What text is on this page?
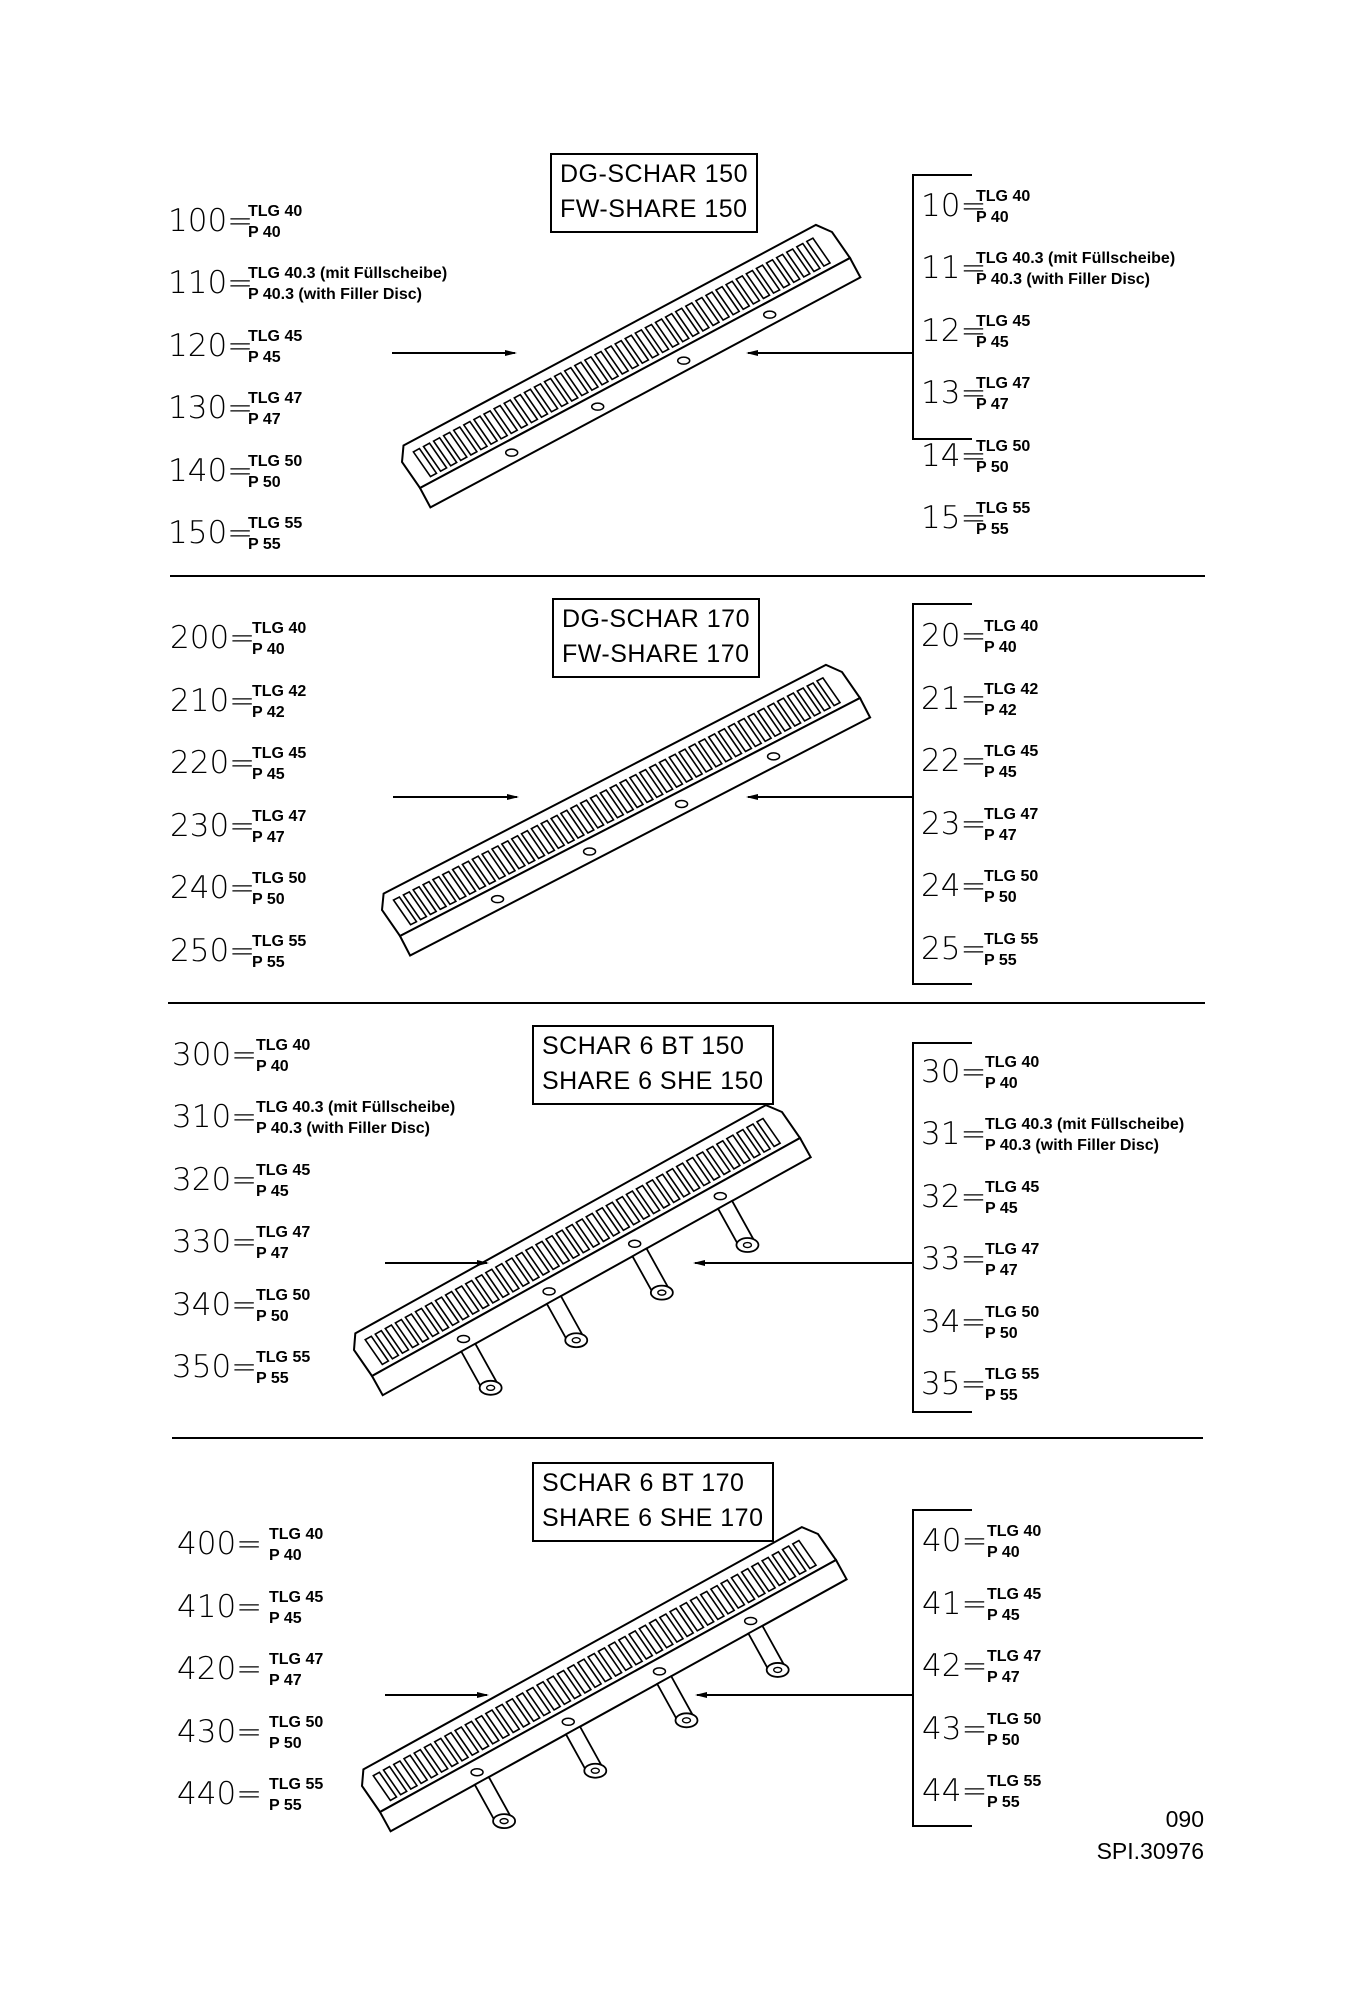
DG-SCHAR 150
FW-SHARE 150
100=
TLG 40
P 40
110=
TLG 40.3 (mit Füllscheibe)
P 40.3 (with Filler Disc)
120=
TLG 45
P 45
130=
TLG 47
P 47
140=
TLG 50
P 50
150=
TLG 55
P 55
10=
TLG 40
P 40
11=
TLG 40.3 (mit Füllscheibe)
P 40.3 (with Filler Disc)
12=
TLG 45
P 45
13=
TLG 47
P 47
14=
TLG 50
P 50
15=
TLG 55
P 55
DG-SCHAR 170
FW-SHARE 170
200=
TLG 40
P 40
210=
TLG 42
P 42
220=
TLG 45
P 45
230=
TLG 47
P 47
240=
TLG 50
P 50
250=
TLG 55
P 55
20=
TLG 40
P 40
21=
TLG 42
P 42
22=
TLG 45
P 45
23=
TLG 47
P 47
24=
TLG 50
P 50
25=
TLG 55
P 55
SCHAR 6 BT 150
SHARE 6 SHE 150
300=
TLG 40
P 40
310=
TLG 40.3 (mit Füllscheibe)
P 40.3 (with Filler Disc)
320=
TLG 45
P 45
330=
TLG 47
P 47
340=
TLG 50
P 50
350=
TLG 55
P 55
30=
TLG 40
P 40
31=
TLG 40.3 (mit Füllscheibe)
P 40.3 (with Filler Disc)
32=
TLG 45
P 45
33=
TLG 47
P 47
34=
TLG 50
P 50
35=
TLG 55
P 55
SCHAR 6 BT 170
SHARE 6 SHE 170
400= TLG 40
P 40
410= TLG 45
P 45
420= TLG 47
P 47
430= TLG 50
P 50
440= TLG 55
P 55
40= TLG 40
P 40
41= TLG 45
P 45
42= TLG 47
P 47
43= TLG 50
P 50
44= TLG 55
P 55
090
SPI.30976
